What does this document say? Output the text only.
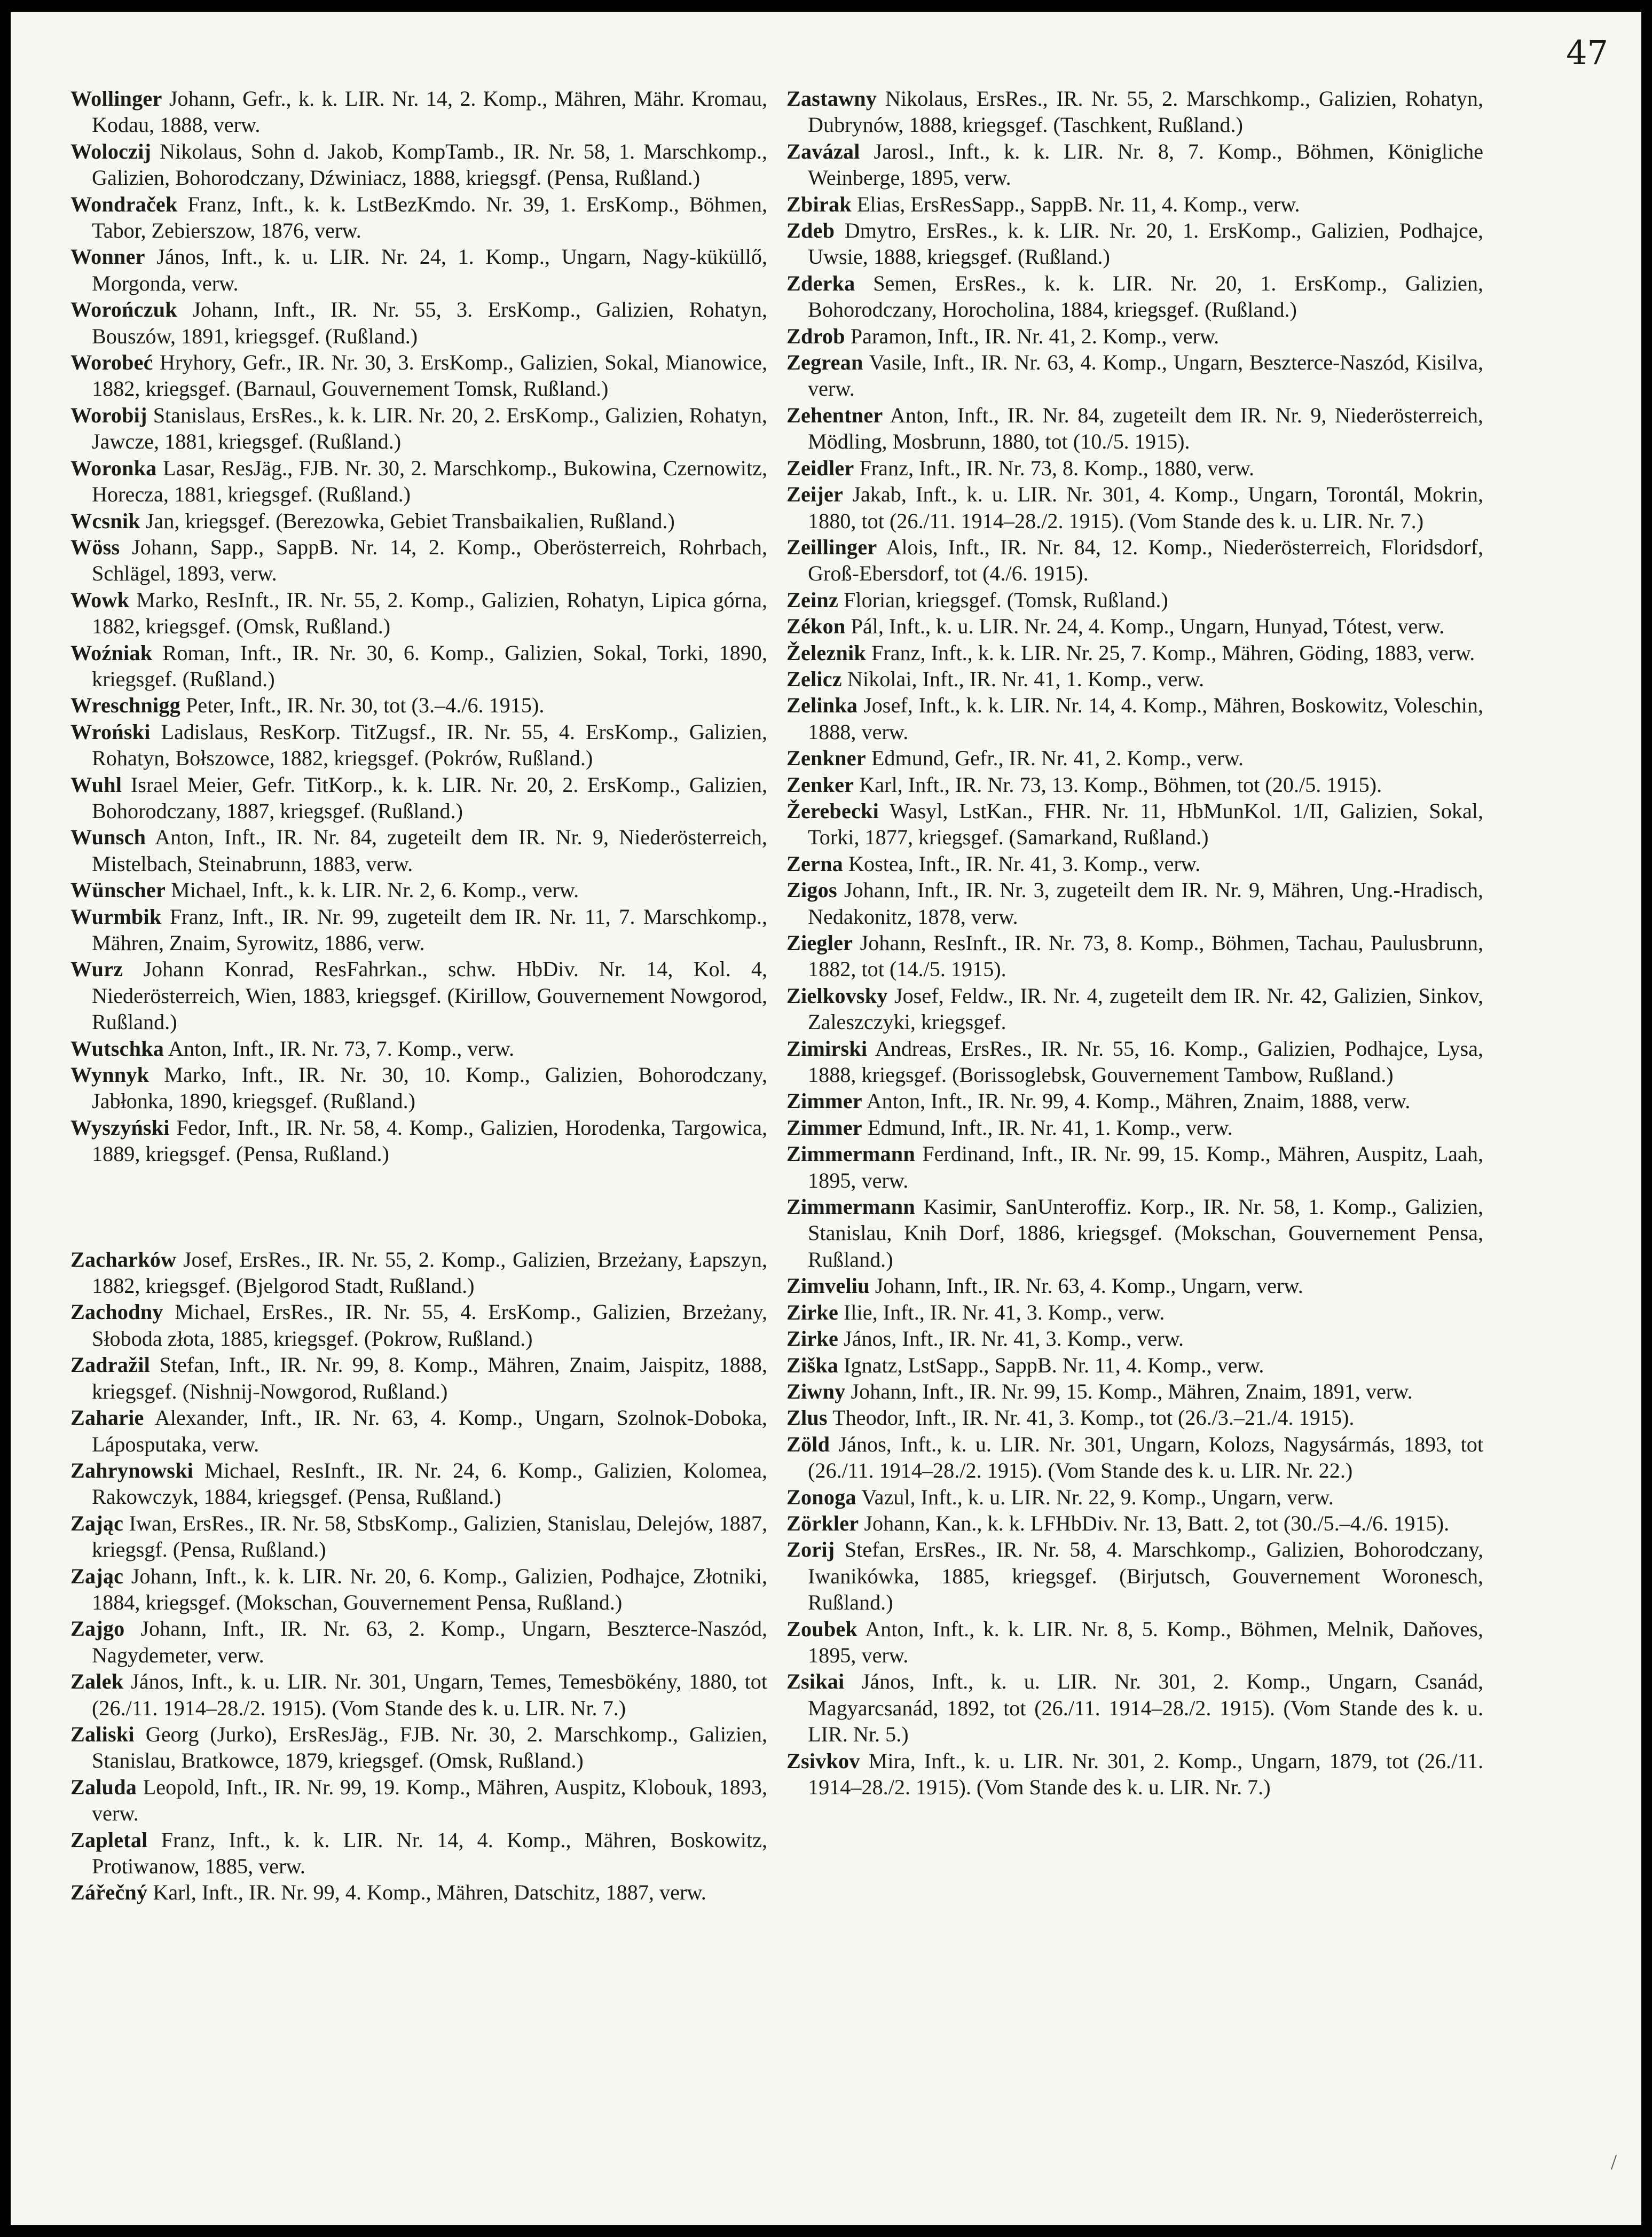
47

Wollinger Johann, Gefr., k. k. LIR. Nr. 14, 2. Komp., Mähren, Mähr. Kromau, Kodau, 1888, verw.

Woloczij Nikolaus, Sohn d. Jakob, KompTamb., IR. Nr. 58, 1. Marschkomp., Galizien, Bohorodczany, Dźwiniacz, 1888, kriegsgf. (Pensa, Rußland.)

Wondraček Franz, Inft., k. k. LstBezKmdo. Nr. 39, 1. ErsKomp., Böhmen, Tabor, Zebierszow, 1876, verw.

Wonner János, Inft., k. u. LIR. Nr. 24, 1. Komp., Ungarn, Nagy-küküllő, Morgonda, verw.

Worończuk Johann, Inft., IR. Nr. 55, 3. ErsKomp., Galizien, Rohatyn, Bouszów, 1891, kriegsgef. (Rußland.)

Worobeć Hryhory, Gefr., IR. Nr. 30, 3. ErsKomp., Galizien, Sokal, Mianowice, 1882, kriegsgef. (Barnaul, Gouvernement Tomsk, Rußland.)

Worobij Stanislaus, ErsRes., k. k. LIR. Nr. 20, 2. ErsKomp., Galizien, Rohatyn, Jawcze, 1881, kriegsgef. (Rußland.)

Woronka Lasar, ResJäg., FJB. Nr. 30, 2. Marschkomp., Bukowina, Czernowitz, Horecza, 1881, kriegsgef. (Rußland.)

Wcsnik Jan, kriegsgef. (Berezowka, Gebiet Transbaikalien, Rußland.)

Wöss Johann, Sapp., SappB. Nr. 14, 2. Komp., Oberösterreich, Rohrbach, Schlägel, 1893, verw.

Wowk Marko, ResInft., IR. Nr. 55, 2. Komp., Galizien, Rohatyn, Lipica górna, 1882, kriegsgef. (Omsk, Rußland.)

Woźniak Roman, Inft., IR. Nr. 30, 6. Komp., Galizien, Sokal, Torki, 1890, kriegsgef. (Rußland.)

Wreschnigg Peter, Inft., IR. Nr. 30, tot (3.–4./6. 1915).

Wroński Ladislaus, ResKorp. TitZugsf., IR. Nr. 55, 4. ErsKomp., Galizien, Rohatyn, Bołszowce, 1882, kriegsgef. (Pokrów, Rußland.)

Wuhl Israel Meier, Gefr. TitKorp., k. k. LIR. Nr. 20, 2. ErsKomp., Galizien, Bohorodczany, 1887, kriegsgef. (Rußland.)

Wunsch Anton, Inft., IR. Nr. 84, zugeteilt dem IR. Nr. 9, Niederösterreich, Mistelbach, Steinabrunn, 1883, verw.

Wünscher Michael, Inft., k. k. LIR. Nr. 2, 6. Komp., verw.

Wurmbik Franz, Inft., IR. Nr. 99, zugeteilt dem IR. Nr. 11, 7. Marschkomp., Mähren, Znaim, Syrowitz, 1886, verw.

Wurz Johann Konrad, ResFahrkan., schw. HbDiv. Nr. 14, Kol. 4, Niederösterreich, Wien, 1883, kriegsgef. (Kirillow, Gouvernement Nowgorod, Rußland.)

Wutschka Anton, Inft., IR. Nr. 73, 7. Komp., verw.

Wynnyk Marko, Inft., IR. Nr. 30, 10. Komp., Galizien, Bohorodczany, Jabłonka, 1890, kriegsgef. (Rußland.)

Wyszyński Fedor, Inft., IR. Nr. 58, 4. Komp., Galizien, Horodenka, Targowica, 1889, kriegsgef. (Pensa, Rußland.)

Zacharków Josef, ErsRes., IR. Nr. 55, 2. Komp., Galizien, Brzeżany, Łapszyn, 1882, kriegsgef. (Bjelgorod Stadt, Rußland.)

Zachodny Michael, ErsRes., IR. Nr. 55, 4. ErsKomp., Galizien, Brzeżany, Słoboda złota, 1885, kriegsgef. (Pokrow, Rußland.)

Zadražil Stefan, Inft., IR. Nr. 99, 8. Komp., Mähren, Znaim, Jaispitz, 1888, kriegsgef. (Nishnij-Nowgorod, Rußland.)

Zaharie Alexander, Inft., IR. Nr. 63, 4. Komp., Ungarn, Szolnok-Doboka, Láposputaka, verw.

Zahrynowski Michael, ResInft., IR. Nr. 24, 6. Komp., Galizien, Kolomea, Rakowczyk, 1884, kriegsgef. (Pensa, Rußland.)

Zając Iwan, ErsRes., IR. Nr. 58, StbsKomp., Galizien, Stanislau, Delejów, 1887, kriegsgf. (Pensa, Rußland.)

Zając Johann, Inft., k. k. LIR. Nr. 20, 6. Komp., Galizien, Podhajce, Złotniki, 1884, kriegsgef. (Mokschan, Gouvernement Pensa, Rußland.)

Zajgo Johann, Inft., IR. Nr. 63, 2. Komp., Ungarn, Beszterce-Naszód, Nagydemeter, verw.

Zalek János, Inft., k. u. LIR. Nr. 301, Ungarn, Temes, Temesbökény, 1880, tot (26./11. 1914–28./2. 1915). (Vom Stande des k. u. LIR. Nr. 7.)

Zaliski Georg (Jurko), ErsResJäg., FJB. Nr. 30, 2. Marschkomp., Galizien, Stanislau, Bratkowce, 1879, kriegsgef. (Omsk, Rußland.)

Zaluda Leopold, Inft., IR. Nr. 99, 19. Komp., Mähren, Auspitz, Klobouk, 1893, verw.

Zapletal Franz, Inft., k. k. LIR. Nr. 14, 4. Komp., Mähren, Boskowitz, Protiwanow, 1885, verw.

Zářečný Karl, Inft., IR. Nr. 99, 4. Komp., Mähren, Datschitz, 1887, verw.

Zastawny Nikolaus, ErsRes., IR. Nr. 55, 2. Marschkomp., Galizien, Rohatyn, Dubrynów, 1888, kriegsgef. (Taschkent, Rußland.)

Zavázal Jarosl., Inft., k. k. LIR. Nr. 8, 7. Komp., Böhmen, Königliche Weinberge, 1895, verw.

Zbirak Elias, ErsResSapp., SappB. Nr. 11, 4. Komp., verw.

Zdeb Dmytro, ErsRes., k. k. LIR. Nr. 20, 1. ErsKomp., Galizien, Podhajce, Uwsie, 1888, kriegsgef. (Rußland.)

Zderka Semen, ErsRes., k. k. LIR. Nr. 20, 1. ErsKomp., Galizien, Bohorodczany, Horocholina, 1884, kriegsgef. (Rußland.)

Zdrob Paramon, Inft., IR. Nr. 41, 2. Komp., verw.

Zegrean Vasile, Inft., IR. Nr. 63, 4. Komp., Ungarn, Beszterce-Naszód, Kisilva, verw.

Zehentner Anton, Inft., IR. Nr. 84, zugeteilt dem IR. Nr. 9, Niederösterreich, Mödling, Mosbrunn, 1880, tot (10./5. 1915).

Zeidler Franz, Inft., IR. Nr. 73, 8. Komp., 1880, verw.

Zeijer Jakab, Inft., k. u. LIR. Nr. 301, 4. Komp., Ungarn, Torontál, Mokrin, 1880, tot (26./11. 1914–28./2. 1915). (Vom Stande des k. u. LIR. Nr. 7.)

Zeillinger Alois, Inft., IR. Nr. 84, 12. Komp., Niederösterreich, Floridsdorf, Groß-Ebersdorf, tot (4./6. 1915).

Zeinz Florian, kriegsgef. (Tomsk, Rußland.)

Zékon Pál, Inft., k. u. LIR. Nr. 24, 4. Komp., Ungarn, Hunyad, Tótest, verw.

Železnik Franz, Inft., k. k. LIR. Nr. 25, 7. Komp., Mähren, Göding, 1883, verw.

Zelicz Nikolai, Inft., IR. Nr. 41, 1. Komp., verw.

Zelinka Josef, Inft., k. k. LIR. Nr. 14, 4. Komp., Mähren, Boskowitz, Voleschin, 1888, verw.

Zenkner Edmund, Gefr., IR. Nr. 41, 2. Komp., verw.

Zenker Karl, Inft., IR. Nr. 73, 13. Komp., Böhmen, tot (20./5. 1915).

Žerebecki Wasyl, LstKan., FHR. Nr. 11, HbMunKol. 1/II, Galizien, Sokal, Torki, 1877, kriegsgef. (Samarkand, Rußland.)

Zerna Kostea, Inft., IR. Nr. 41, 3. Komp., verw.

Zigos Johann, Inft., IR. Nr. 3, zugeteilt dem IR. Nr. 9, Mähren, Ung.-Hradisch, Nedakonitz, 1878, verw.

Ziegler Johann, ResInft., IR. Nr. 73, 8. Komp., Böhmen, Tachau, Paulusbrunn, 1882, tot (14./5. 1915).

Zielkovsky Josef, Feldw., IR. Nr. 4, zugeteilt dem IR. Nr. 42, Galizien, Sinkov, Zaleszczyki, kriegsgef.

Zimirski Andreas, ErsRes., IR. Nr. 55, 16. Komp., Galizien, Podhajce, Lysa, 1888, kriegsgef. (Borissoglebsk, Gouvernement Tambow, Rußland.)

Zimmer Anton, Inft., IR. Nr. 99, 4. Komp., Mähren, Znaim, 1888, verw.

Zimmer Edmund, Inft., IR. Nr. 41, 1. Komp., verw.

Zimmermann Ferdinand, Inft., IR. Nr. 99, 15. Komp., Mähren, Auspitz, Laah, 1895, verw.

Zimmermann Kasimir, SanUnteroffiz. Korp., IR. Nr. 58, 1. Komp., Galizien, Stanislau, Knih Dorf, 1886, kriegsgef. (Mokschan, Gouvernement Pensa, Rußland.)

Zimveliu Johann, Inft., IR. Nr. 63, 4. Komp., Ungarn, verw.

Zirke Ilie, Inft., IR. Nr. 41, 3. Komp., verw.

Zirke János, Inft., IR. Nr. 41, 3. Komp., verw.

Ziška Ignatz, LstSapp., SappB. Nr. 11, 4. Komp., verw.

Ziwny Johann, Inft., IR. Nr. 99, 15. Komp., Mähren, Znaim, 1891, verw.

Zlus Theodor, Inft., IR. Nr. 41, 3. Komp., tot (26./3.–21./4. 1915).

Zöld János, Inft., k. u. LIR. Nr. 301, Ungarn, Kolozs, Nagysármás, 1893, tot (26./11. 1914–28./2. 1915). (Vom Stande des k. u. LIR. Nr. 22.)

Zonoga Vazul, Inft., k. u. LIR. Nr. 22, 9. Komp., Ungarn, verw.

Zörkler Johann, Kan., k. k. LFHbDiv. Nr. 13, Batt. 2, tot (30./5.–4./6. 1915).

Zorij Stefan, ErsRes., IR. Nr. 58, 4. Marschkomp., Galizien, Bohorodczany, Iwanikówka, 1885, kriegsgef. (Birjutsch, Gouvernement Woronesch, Rußland.)

Zoubek Anton, Inft., k. k. LIR. Nr. 8, 5. Komp., Böhmen, Melnik, Daňoves, 1895, verw.

Zsikai János, Inft., k. u. LIR. Nr. 301, 2. Komp., Ungarn, Csanád, Magyarcsanád, 1892, tot (26./11. 1914–28./2. 1915). (Vom Stande des k. u. LIR. Nr. 5.)

Zsivkov Mira, Inft., k. u. LIR. Nr. 301, 2. Komp., Ungarn, 1879, tot (26./11. 1914–28./2. 1915). (Vom Stande des k. u. LIR. Nr. 7.)

/
